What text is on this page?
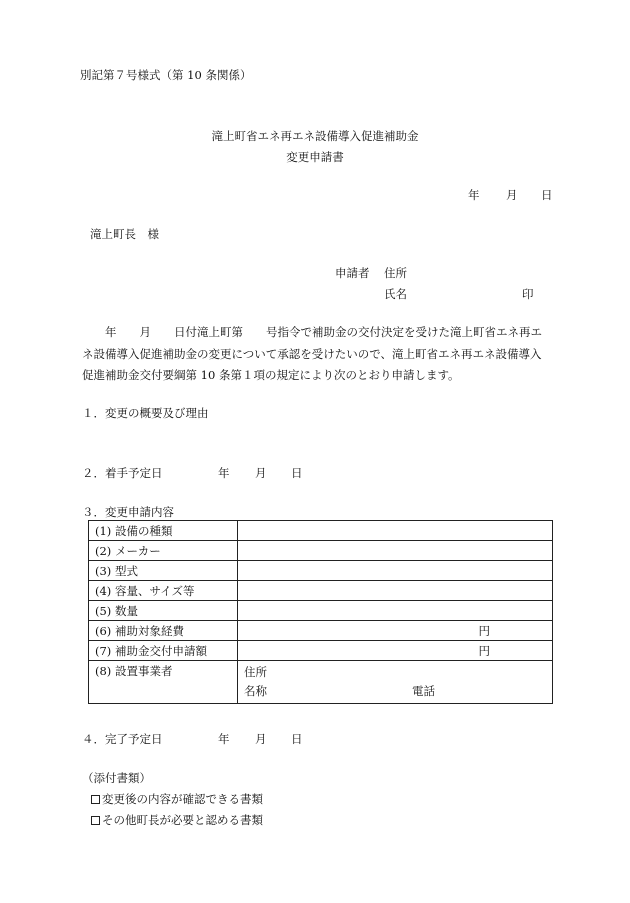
別記第７号様式（第 10 条関係）
滝上町省エネ再エネ設備導入促進補助金
変更申請書
年 月 日
滝上町長　様
申請者 住所
氏名	印
年　　月　　日付滝上町第　　号指令で補助金の交付決定を受けた滝上町省エネ再エネ設備導入促進補助金の変更について承認を受けたいので、滝上町省エネ再エネ設備導入促進補助金交付要綱第 10 条第１項の規定により次のとおり申請します。
１．変更の概要及び理由
２．着手予定日	年 月 日
３．変更申請内容
(1) 設備の種類	
(2) メーカー	
(3) 型式	
(4) 容量、サイズ等	
(5) 数量	
(6) 補助対象経費	円
(7) 補助金交付申請額	円
(8) 設置事業者	住所
名称 電話
４．完了予定日	年 月 日
（添付書類）
変更後の内容が確認できる書類
その他町長が必要と認める書類
